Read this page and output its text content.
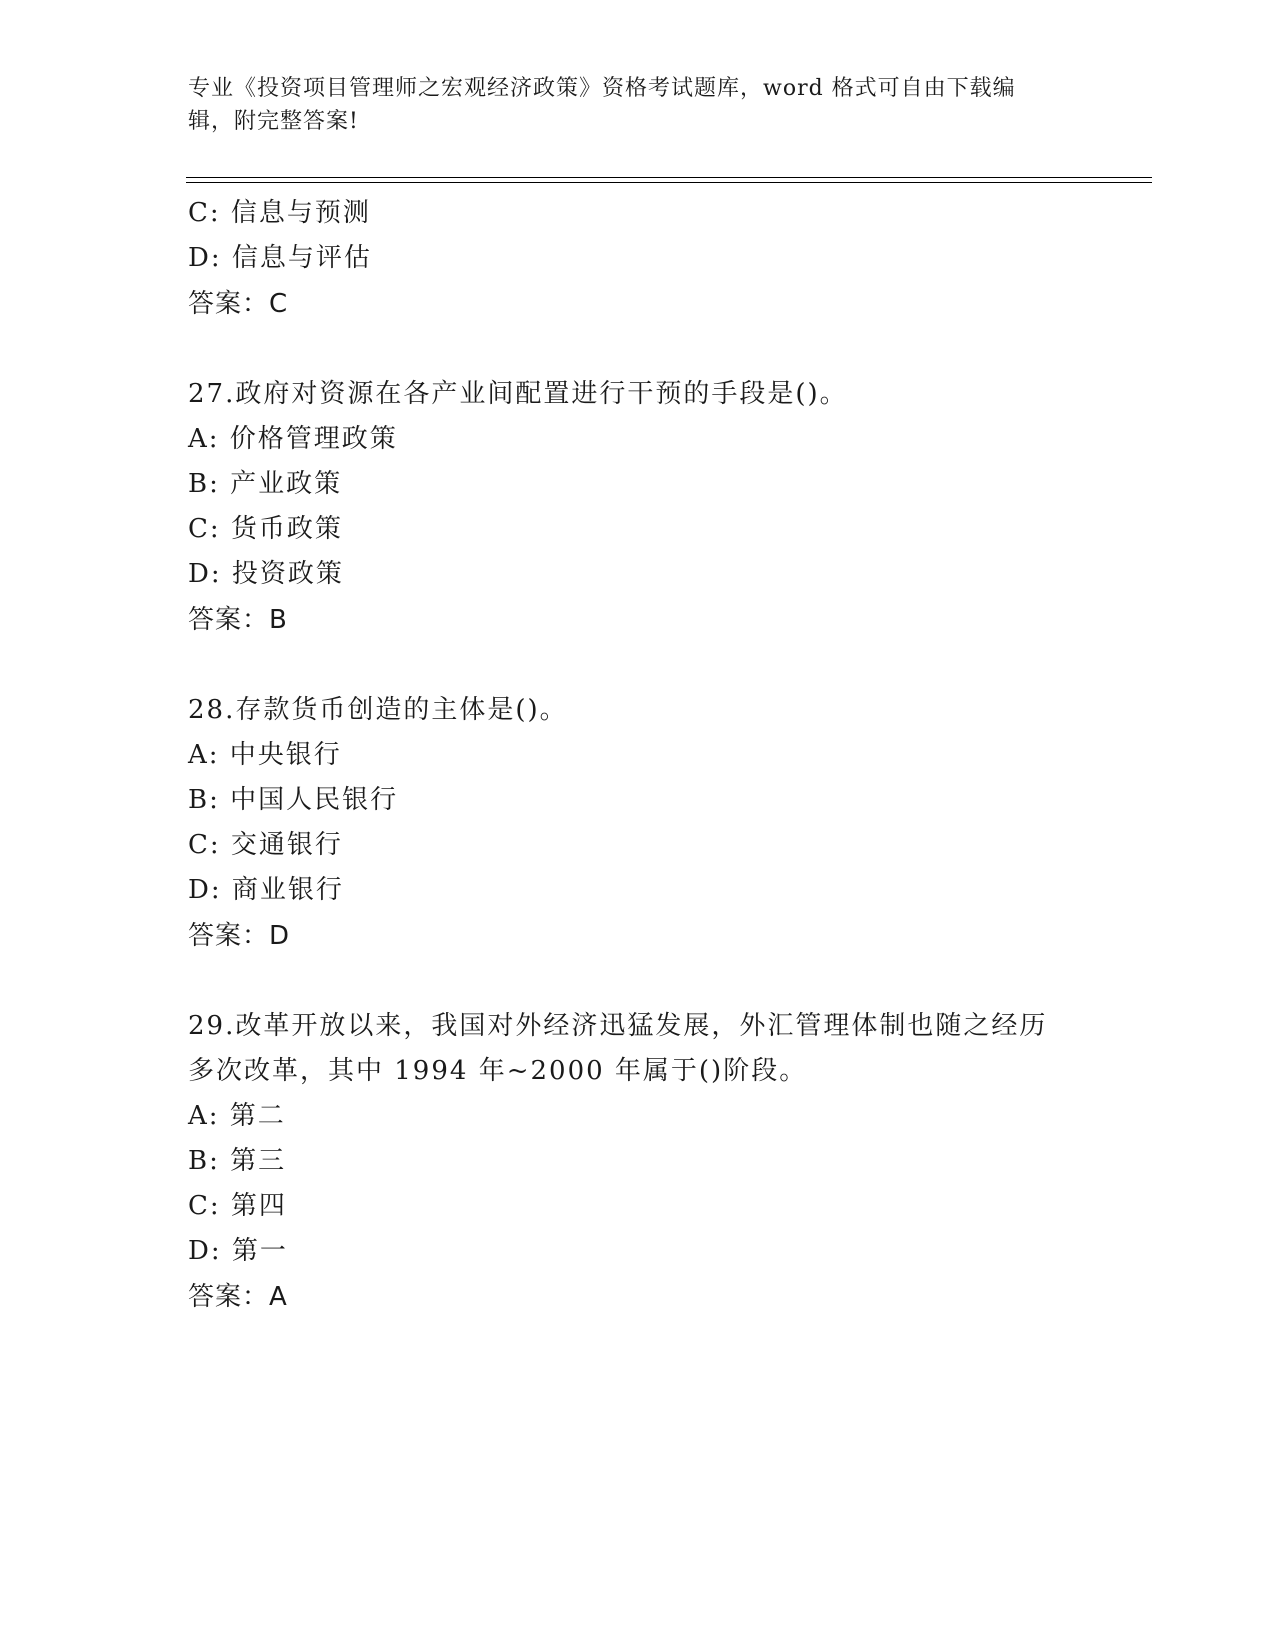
专业《投资项目管理师之宏观经济政策》资格考试题库，word 格式可自由下载编
辑，附完整答案!
C: 信息与预测
D: 信息与评估
答案：C
27.政府对资源在各产业间配置进行干预的手段是()。
A: 价格管理政策
B: 产业政策
C: 货币政策
D: 投资政策
答案：B
28.存款货币创造的主体是()。
A: 中央银行
B: 中国人民银行
C: 交通银行
D: 商业银行
答案：D
29.改革开放以来，我国对外经济迅猛发展，外汇管理体制也随之经历
多次改革，其中 1994 年~2000 年属于()阶段。
A: 第二
B: 第三
C: 第四
D: 第一
答案：A
